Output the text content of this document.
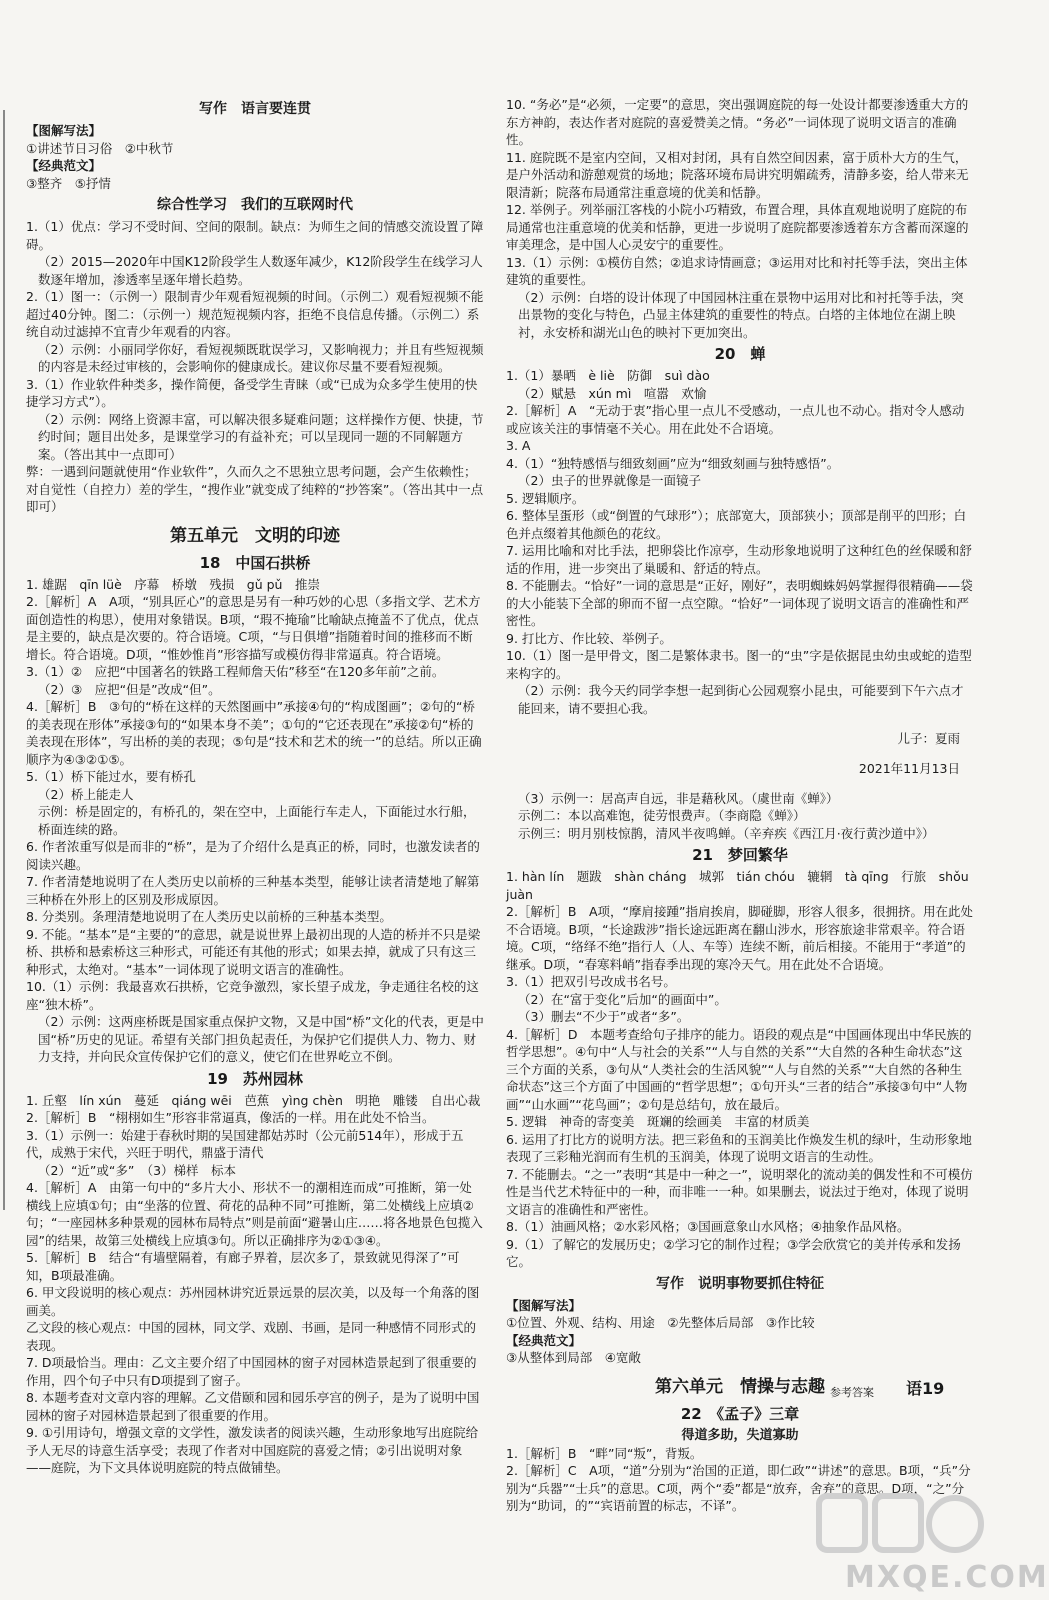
写作　语言要连贯

【图解写法】

①讲述节日习俗　②中秋节

【经典范文】

③整齐　⑤抒情

综合性学习　我们的互联网时代

1.（1）优点：学习不受时间、空间的限制。缺点：为师生之间的情感交流设置了障碍。

（2）2015—2020年中国K12阶段学生人数逐年减少，K12阶段学生在线学习人数逐年增加，渗透率呈逐年增长趋势。

2.（1）图一：（示例一）限制青少年观看短视频的时间。（示例二）观看短视频不能超过40分钟。图二：（示例一）规范短视频内容，拒绝不良信息传播。（示例二）系统自动过滤掉不宜青少年观看的内容。

（2）示例：小丽同学你好，看短视频既耽误学习，又影响视力；并且有些短视频的内容是未经过审核的，会影响你的健康成长。建议你尽量不要看短视频。

3.（1）作业软件种类多，操作简便，备受学生青睐（或“已成为众多学生使用的快捷学习方式”）。

（2）示例：网络上资源丰富，可以解决很多疑难问题；这样操作方便、快捷，节约时间；题目出处多，是课堂学习的有益补充；可以呈现同一题的不同解题方案。（答出其中一点即可）

弊：一遇到问题就使用“作业软件”，久而久之不思独立思考问题，会产生依赖性；对自觉性（自控力）差的学生，“搜作业”就变成了纯粹的“抄答案”。（答出其中一点即可）

第五单元　文明的印迹
18　中国石拱桥

1. 雄踞　qīn lüè　序幕　桥墩　残损　gǔ pǔ　推崇

2.［解析］A　A项，“别具匠心”的意思是另有一种巧妙的心思（多指文学、艺术方面创造性的构思），使用对象错误。B项，“瑕不掩瑜”比喻缺点掩盖不了优点，优点是主要的，缺点是次要的。符合语境。C项，“与日俱增”指随着时间的推移而不断增长。符合语境。D项，“惟妙惟肖”形容描写或模仿得非常逼真。符合语境。

3.（1）②　应把“中国著名的铁路工程师詹天佑”移至“在120多年前”之前。

（2）③　应把“但是”改成“但”。

4.［解析］B　③句的“桥在这样的天然图画中”承接④句的“构成图画”；②句的“桥的美表现在形体”承接③句的“如果本身不美”；①句的“它还表现在”承接②句“桥的美表现在形体”，写出桥的美的表现；⑤句是“技术和艺术的统一”的总结。所以正确顺序为④③②①⑤。

5.（1）桥下能过水，要有桥孔

（2）桥上能走人

示例：桥是固定的，有桥孔的，架在空中，上面能行车走人，下面能过水行船，桥面连续的路。

6. 作者浓重写似是而非的“桥”，是为了介绍什么是真正的桥，同时，也激发读者的阅读兴趣。

7. 作者清楚地说明了在人类历史以前桥的三种基本类型，能够让读者清楚地了解第三种桥在外形上的区别及形成原因。

8. 分类别。条理清楚地说明了在人类历史以前桥的三种基本类型。

9. 不能。“基本”是“主要的”的意思，就是说世界上最初出现的人造的桥并不只是梁桥、拱桥和悬索桥这三种形式，可能还有其他的形式；如果去掉，就成了只有这三种形式，太绝对。“基本”一词体现了说明文语言的准确性。

10.（1）示例：我最喜欢石拱桥，它竞争激烈，家长望子成龙，争走通往名校的这座“独木桥”。

（2）示例：这两座桥既是国家重点保护文物，又是中国“桥”文化的代表，更是中国“桥”历史的见证。希望有关部门担负起责任，为保护它们提供人力、物力、财力支持，并向民众宣传保护它们的意义，使它们在世界屹立不倒。

19　苏州园林

1. 丘壑　lín xún　蔓延　qiáng wēi　芭蕉　yìng chèn　明艳　雕镂　自出心裁

2.［解析］B　“栩栩如生”形容非常逼真，像活的一样。用在此处不恰当。

3.（1）示例一：始建于春秋时期的吴国建都姑苏时（公元前514年），形成于五代，成熟于宋代，兴旺于明代，鼎盛于清代

（2）“近”或“多”　（3）梯样　标本

4.［解析］A　由第一句中的“多片大小、形状不一的潮相连而成”可推断，第一处横线上应填①句；由“坐落的位置、荷花的品种不同”可推断，第二处横线上应填②句；“一座园林多种景观的园林布局特点”则是前面“避暑山庄……将各地景色包揽入园”的结果，故第三处横线上应填③句。所以正确排序为②①③④。

5.［解析］B　结合“有墙壁隔着，有廊子界着，层次多了，景致就见得深了”可知，B项最准确。

6. 甲文段说明的核心观点：苏州园林讲究近景远景的层次美，以及每一个角落的图画美。

乙文段的核心观点：中国的园林，同文学、戏剧、书画，是同一种感情不同形式的表现。

7. D项最恰当。理由：乙文主要介绍了中国园林的窗子对园林造景起到了很重要的作用，四个句子中只有D项提到了窗子。

8. 本题考查对文章内容的理解。乙文借颐和园和园乐亭宫的例子，是为了说明中国园林的窗子对园林造景起到了很重要的作用。

9. ①引用诗句，增强文章的文学性，激发读者的阅读兴趣，生动形象地写出庭院给予人无尽的诗意生活享受；表现了作者对中国庭院的喜爱之情；②引出说明对象——庭院，为下文具体说明庭院的特点做铺垫。

10. “务必”是“必须，一定要”的意思，突出强调庭院的每一处设计都要渗透重大方的东方神韵，表达作者对庭院的喜爱赞美之情。“务必”一词体现了说明文语言的准确性。

11. 庭院既不是室内空间，又相对封闭，具有自然空间因素，富于质朴大方的生气，是户外活动和游憩观赏的场地；院落环境布局讲究明媚疏秀，清静多姿，给人带来无限清新；院落布局通常注重意境的优美和恬静。

12. 举例子。列举丽江客栈的小院小巧精致，布置合理，具体直观地说明了庭院的布局通常也注重意境的优美和恬静，更进一步说明了庭院都要渗透着东方含蓄而深邃的审美理念，是中国人心灵安宁的重要性。

13.（1）示例：①模仿自然；②追求诗情画意；③运用对比和衬托等手法，突出主体建筑的重要性。

（2）示例：白塔的设计体现了中国园林注重在景物中运用对比和衬托等手法，突出景物的变化与特色，凸显主体建筑的重要性的特点。白塔的主体地位在湖上映衬，永安桥和湖光山色的映衬下更加突出。

20　蝉

1.（1）暴晒　è liè　防御　suì dào

（2）赋悬　xún mì　喧嚣　欢愉

2.［解析］A　“无动于衷”指心里一点儿不受感动，一点儿也不动心。指对令人感动或应该关注的事情毫不关心。用在此处不合语境。

3. A

4.（1）“独特感悟与细致刻画”应为“细致刻画与独特感悟”。

（2）虫子的世界就像是一面镜子

5. 逻辑顺序。

6. 整体呈蛋形（或“倒置的气球形”）；底部宽大，顶部狭小；顶部是削平的凹形；白色并点缀着其他颜色的花纹。

7. 运用比喻和对比手法，把卵袋比作凉亭，生动形象地说明了这种红色的丝保暖和舒适的作用，进一步突出了巢暖和、舒适的特点。

8. 不能删去。“恰好”一词的意思是“正好，刚好”，表明蜘蛛妈妈掌握得很精确——袋的大小能装下全部的卵而不留一点空隙。“恰好”一词体现了说明文语言的准确性和严密性。

9. 打比方、作比较、举例子。

10.（1）图一是甲骨文，图二是繁体隶书。图一的“虫”字是依据昆虫幼虫或蛇的造型来构字的。

（2）示例：我今天约同学李想一起到街心公园观察小昆虫，可能要到下午六点才能回来，请不要担心我。

儿子：夏雨

2021年11月13日

（3）示例一：居高声自远，非是藉秋风。（虞世南《蝉》）

示例二：本以高难饱，徒劳恨费声。（李商隐《蝉》）

示例三：明月别枝惊鹊，清风半夜鸣蝉。（辛弃疾《西江月·夜行黄沙道中》）

21　梦回繁华

1. hàn lín　题跋　shàn cháng　城郭　tián chóu　辘辋　tà qīng　行旅　shǒu juàn

2.［解析］B　A项，“摩肩接踵”指肩挨肩，脚碰脚，形容人很多，很拥挤。用在此处不合语境。B项，“长途跋涉”指长途远距离在翻山涉水，形容旅途非常艰辛。符合语境。C项，“络绎不绝”指行人（人、车等）连续不断，前后相接。不能用于“孝道”的继承。D项，“春寒料峭”指春季出现的寒冷天气。用在此处不合语境。

3.（1）把双引号改成书名号。

（2）在“富于变化”后加“的画面中”。

（3）删去“不少于”或者“多”。

4.［解析］D　本题考查给句子排序的能力。语段的观点是“中国画体现出中华民族的哲学思想”。④句中“人与社会的关系”“人与自然的关系”“大自然的各种生命状态”这三个方面的关系，③句从“人类社会的生活风貌”“人与自然的关系”“大自然的各种生命状态”这三个方面了中国画的“哲学思想”；①句开头“三者的结合”承接③句中“人物画”“山水画”“花鸟画”；②句是总结句，放在最后。

5. 逻辑　神奇的寄变美　斑斓的绘画美　丰富的材质美

6. 运用了打比方的说明方法。把三彩鱼和的玉润美比作焕发生机的绿叶，生动形象地表现了三彩釉光润而有生机的玉润美，体现了说明文语言的生动性。

7. 不能删去。“之一”表明“其是中一种之一”，说明翠化的流动美的偶发性和不可模仿性是当代艺术特征中的一种，而非唯一一种。如果删去，说法过于绝对，体现了说明文语言的准确性和严密性。

8.（1）油画风格；②水彩风格；③国画意象山水风格；④抽象作品风格。

9.（1）了解它的发展历史；②学习它的制作过程；③学会欣赏它的美并传承和发扬它。

写作　说明事物要抓住特征

【图解写法】

①位置、外观、结构、用途　②先整体后局部　③作比较

【经典范文】

③从整体到局部　④宽敞

第六单元　情操与志趣
22　《孟子》三章
得道多助，失道寡助

1.［解析］B　“畔”同“叛”，背叛。

2.［解析］C　A项，“道”分别为“治国的正道，即仁政”“讲述”的意思。B项，“兵”分别为“兵器”“士兵”的意思。C项，两个“委”都是“放弃，舍弃”的意思。D项，“之”分别为“助词，的”“宾语前置的标志，不译”。

参考答案 语19
MXQE.COM
